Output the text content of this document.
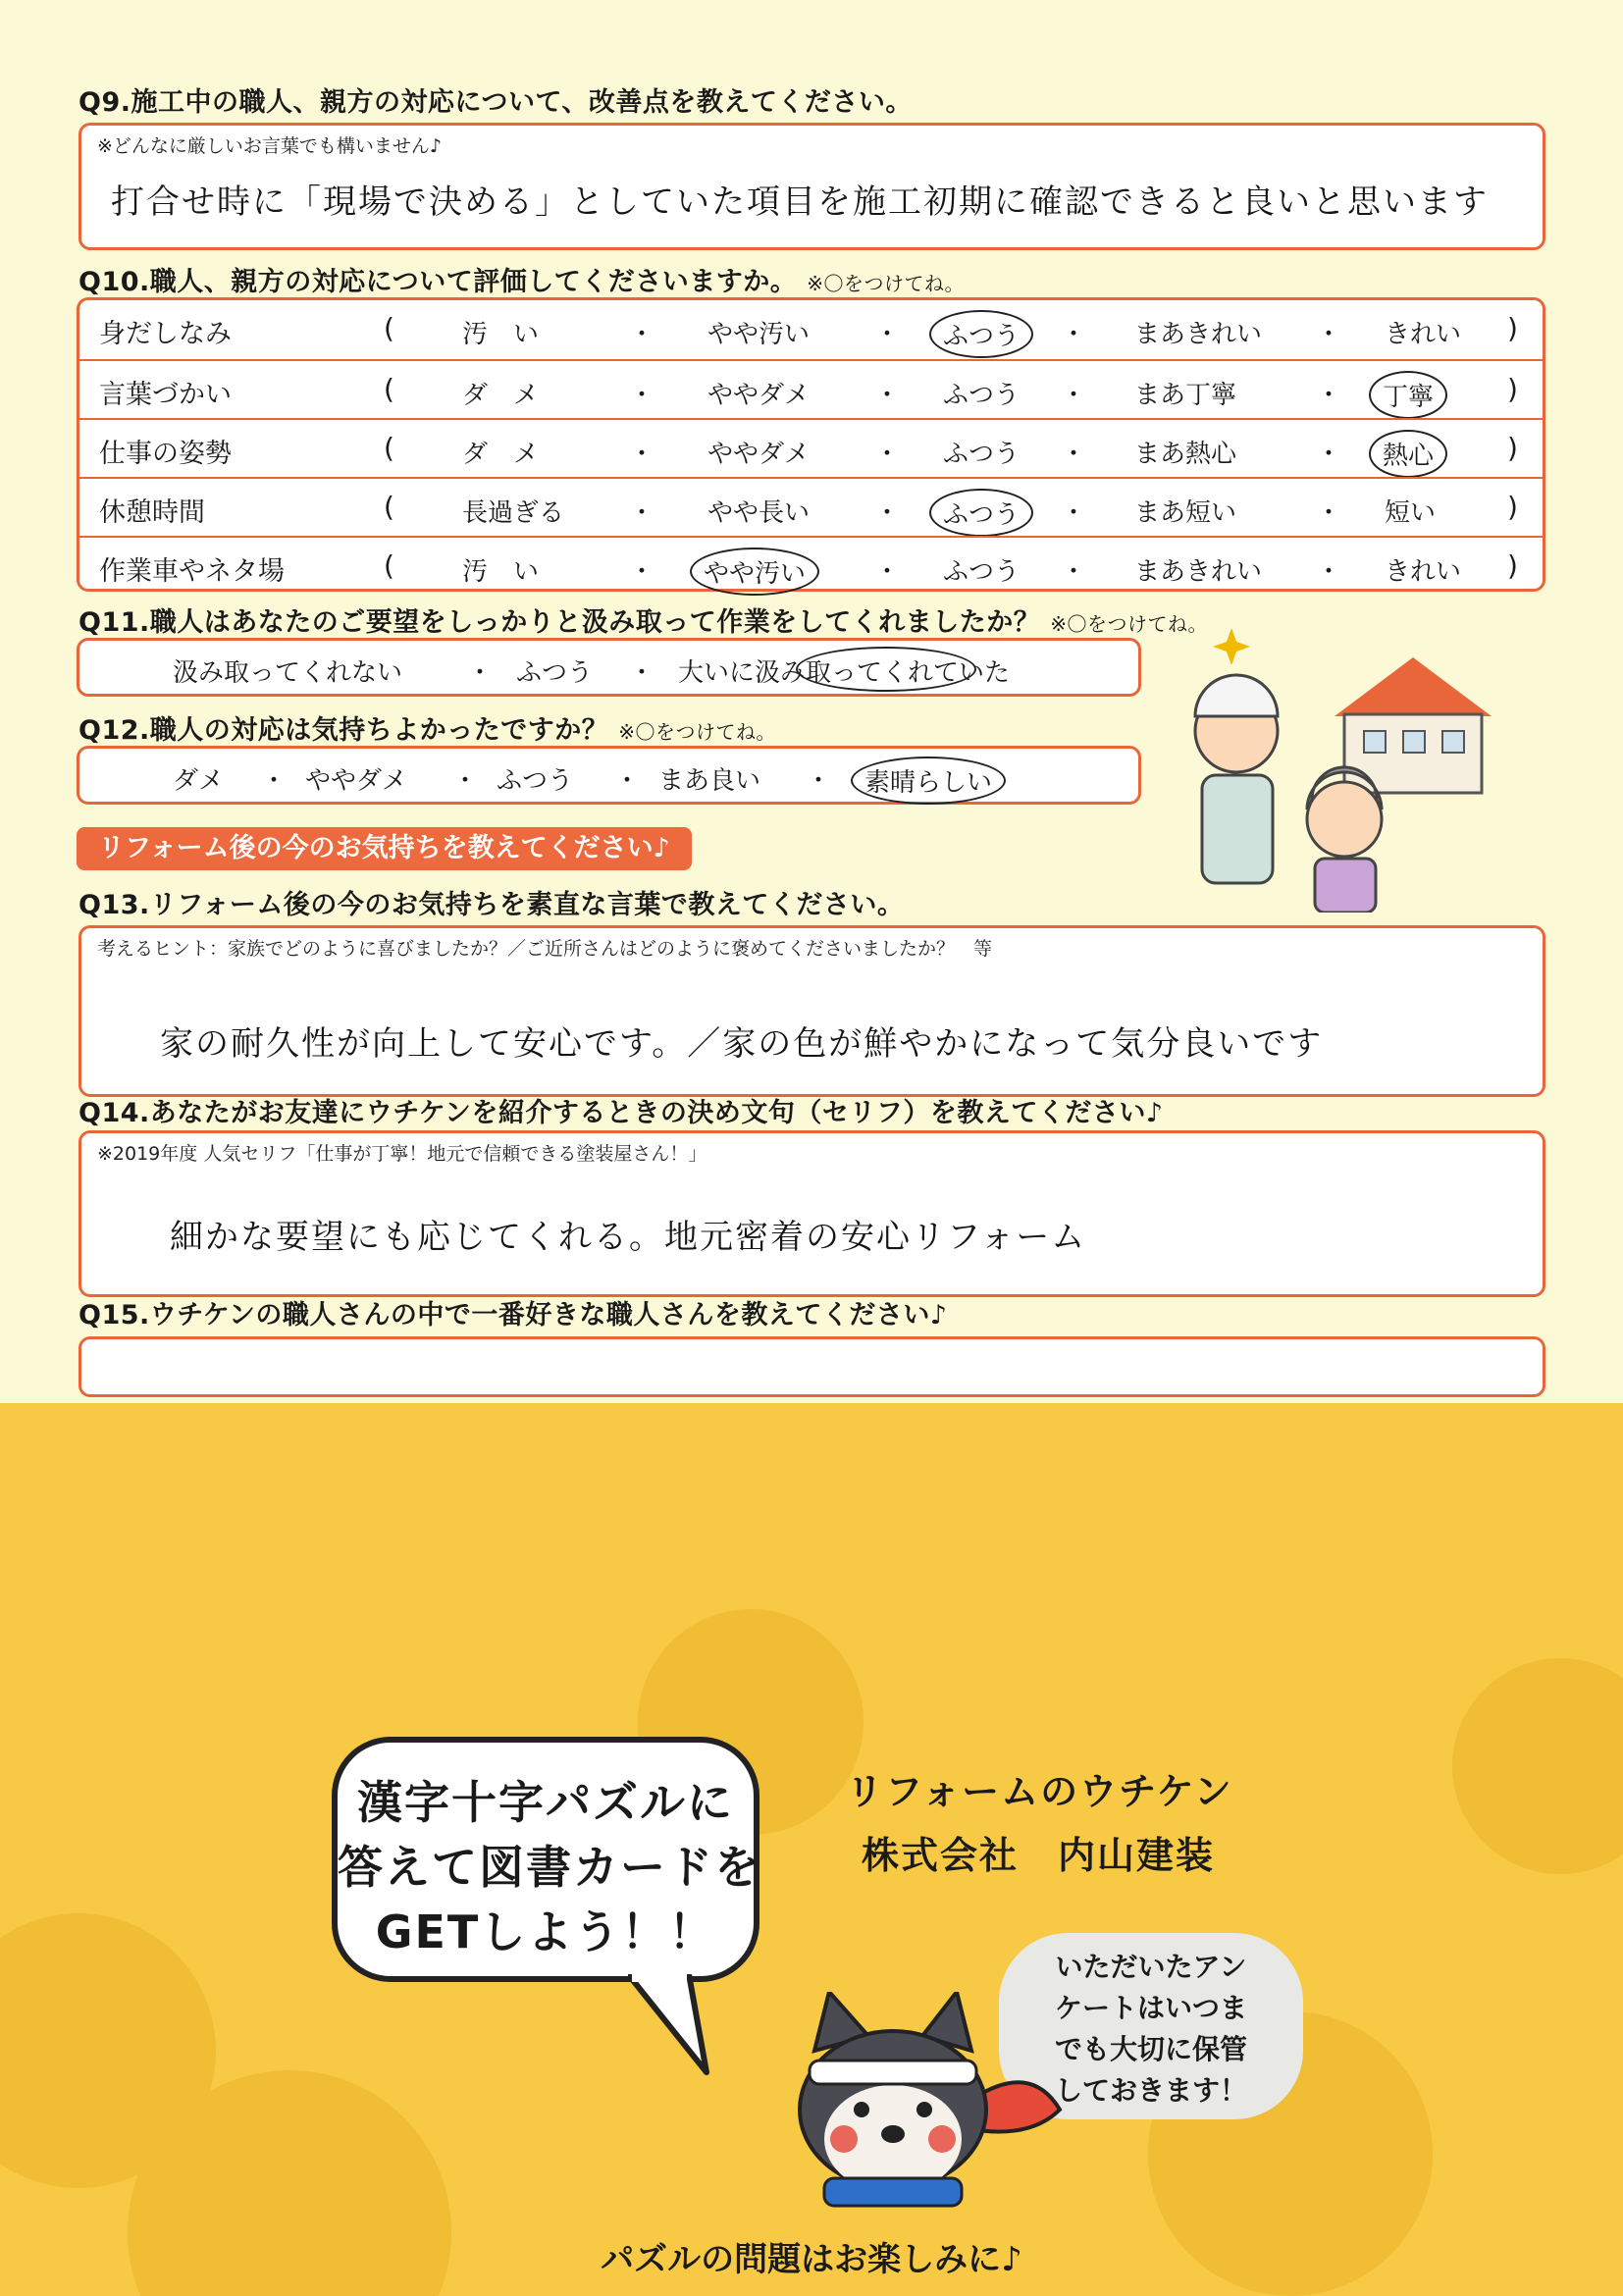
Q9.施工中の職人、親方の対応について、改善点を教えてください。
※どんなに厳しいお言葉でも構いません♪
打合せ時に「現場で決める」としていた項目を施工初期に確認できると良いと思います
Q10.職人、親方の対応について評価してくださいますか。 ※〇をつけてね。
身だしなみ	(	汚　い	・ やや汚い	・	ふつう	・ まあきれい ・ きれい )
言葉づかい	(	ダ　メ	・ ややダメ	・ ふつう ・ まあ丁寧	・	丁寧	)
仕事の姿勢	(	ダ　メ	・ ややダメ	・ ふつう ・ まあ熱心	・	熱心	)
休憩時間	(	長過ぎる	・ やや長い	・	ふつう	・ まあ短い	・ 短い	)
作業車やネタ場	(	汚　い	・	やや汚い	・ ふつう ・ まあきれい ・ きれい )
Q11.職人はあなたのご要望をしっかりと汲み取って作業をしてくれましたか？ ※〇をつけてね。
汲み取ってくれない	・ ふつう ・ 大いに汲み取ってくれていた
Q12.職人の対応は気持ちよかったですか？ ※〇をつけてね。
ダメ ・ ややダメ ・ ふつう ・ まあ良い ・	素晴らしい
リフォーム後の今のお気持ちを教えてください♪
Q13.リフォーム後の今のお気持ちを素直な言葉で教えてください。
考えるヒント：家族でどのように喜びましたか？／ご近所さんはどのように褒めてくださいましたか？　等
家の耐久性が向上して安心です。／家の色が鮮やかになって気分良いです
Q14.あなたがお友達にウチケンを紹介するときの決め文句（セリフ）を教えてください♪
※2019年度 人気セリフ「仕事が丁寧！地元で信頼できる塗装屋さん！」
細かな要望にも応じてくれる。地元密着の安心リフォーム
Q15.ウチケンの職人さんの中で一番好きな職人さんを教えてください♪
漢字十字パズルに
答えて図書カードを
GETしよう！！
リフォームのウチケン
株式会社　内山建装
いただいたアン
ケートはいつま
でも大切に保管
しておきます！
パズルの問題はお楽しみに♪
